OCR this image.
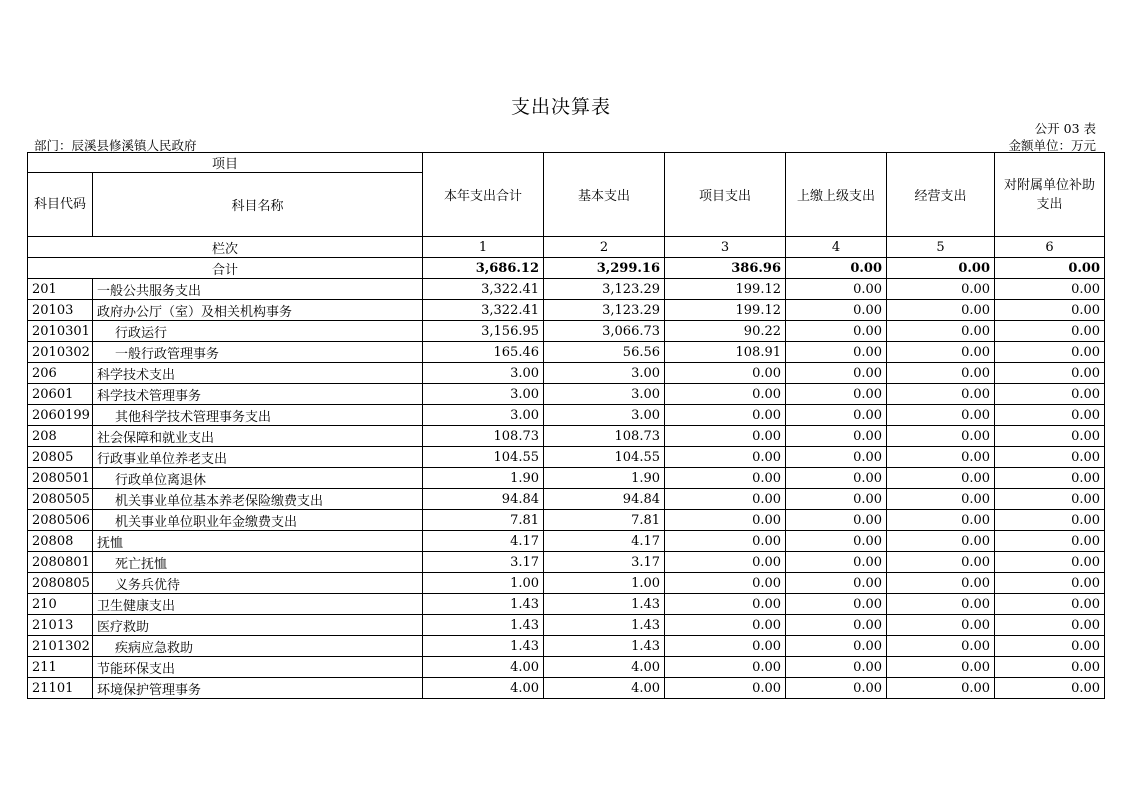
支出决算表
公开 03 表
部门：辰溪县修溪镇人民政府	金额单位：万元
项目		本年支出合计	基本支出	项目支出	上缴上级支出	经营支出	对附属单位补助支出
科目代码	科目名称						
栏次		1	2	3	4	5	6
合计		3,686.12	3,299.16	386.96	0.00	0.00	0.00
201	一般公共服务支出	3,322.41	3,123.29	199.12	0.00	0.00	0.00
20103	政府办公厅（室）及相关机构事务	3,322.41	3,123.29	199.12	0.00	0.00	0.00
2010301	行政运行	3,156.95	3,066.73	90.22	0.00	0.00	0.00
2010302	一般行政管理事务	165.46	56.56	108.91	0.00	0.00	0.00
206	科学技术支出	3.00	3.00	0.00	0.00	0.00	0.00
20601	科学技术管理事务	3.00	3.00	0.00	0.00	0.00	0.00
2060199	其他科学技术管理事务支出	3.00	3.00	0.00	0.00	0.00	0.00
208	社会保障和就业支出	108.73	108.73	0.00	0.00	0.00	0.00
20805	行政事业单位养老支出	104.55	104.55	0.00	0.00	0.00	0.00
2080501	行政单位离退休	1.90	1.90	0.00	0.00	0.00	0.00
2080505	机关事业单位基本养老保险缴费支出	94.84	94.84	0.00	0.00	0.00	0.00
2080506	机关事业单位职业年金缴费支出	7.81	7.81	0.00	0.00	0.00	0.00
20808	抚恤	4.17	4.17	0.00	0.00	0.00	0.00
2080801	死亡抚恤	3.17	3.17	0.00	0.00	0.00	0.00
2080805	义务兵优待	1.00	1.00	0.00	0.00	0.00	0.00
210	卫生健康支出	1.43	1.43	0.00	0.00	0.00	0.00
21013	医疗救助	1.43	1.43	0.00	0.00	0.00	0.00
2101302	疾病应急救助	1.43	1.43	0.00	0.00	0.00	0.00
211	节能环保支出	4.00	4.00	0.00	0.00	0.00	0.00
21101	环境保护管理事务	4.00	4.00	0.00	0.00	0.00	0.00
